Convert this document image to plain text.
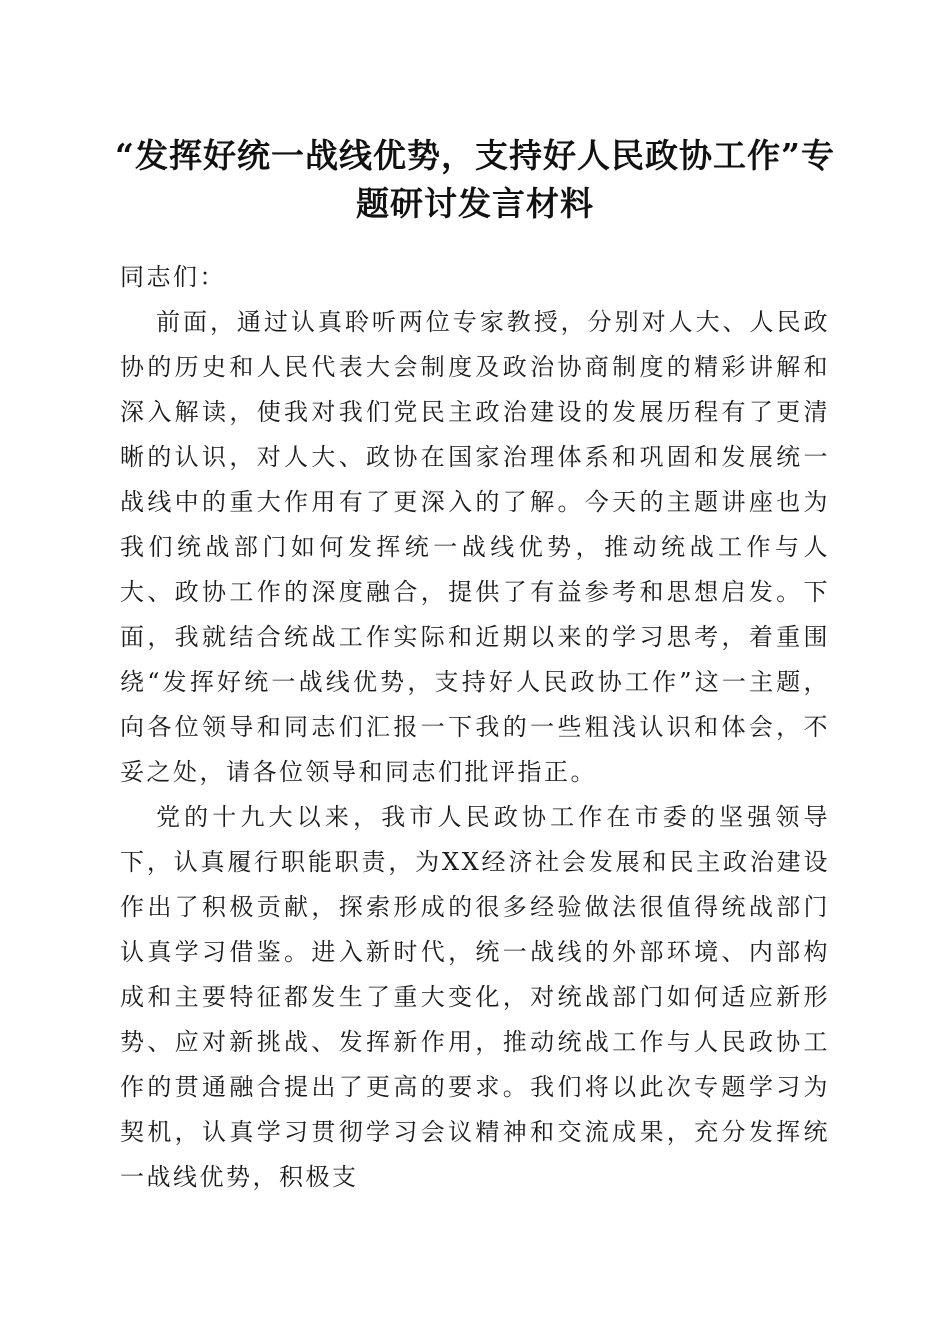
“发挥好统一战线优势，支持好人民政协工作”专题研讨发言材料

同志们：

前面，通过认真聆听两位专家教授，分别对人大、人民政协的历史和人民代表大会制度及政治协商制度的精彩讲解和深入解读，使我对我们党民主政治建设的发展历程有了更清晰的认识，对人大、政协在国家治理体系和巩固和发展统一战线中的重大作用有了更深入的了解。今天的主题讲座也为我们统战部门如何发挥统一战线优势，推动统战工作与人大、政协工作的深度融合，提供了有益参考和思想启发。下面，我就结合统战工作实际和近期以来的学习思考，着重围绕“发挥好统一战线优势，支持好人民政协工作”这一主题，向各位领导和同志们汇报一下我的一些粗浅认识和体会，不妥之处，请各位领导和同志们批评指正。

党的十九大以来，我市人民政协工作在市委的坚强领导下，认真履行职能职责，为XX经济社会发展和民主政治建设作出了积极贡献，探索形成的很多经验做法很值得统战部门认真学习借鉴。进入新时代，统一战线的外部环境、内部构成和主要特征都发生了重大变化，对统战部门如何适应新形势、应对新挑战、发挥新作用，推动统战工作与人民政协工作的贯通融合提出了更高的要求。我们将以此次专题学习为契机，认真学习贯彻学习会议精神和交流成果，充分发挥统一战线优势，积极支
